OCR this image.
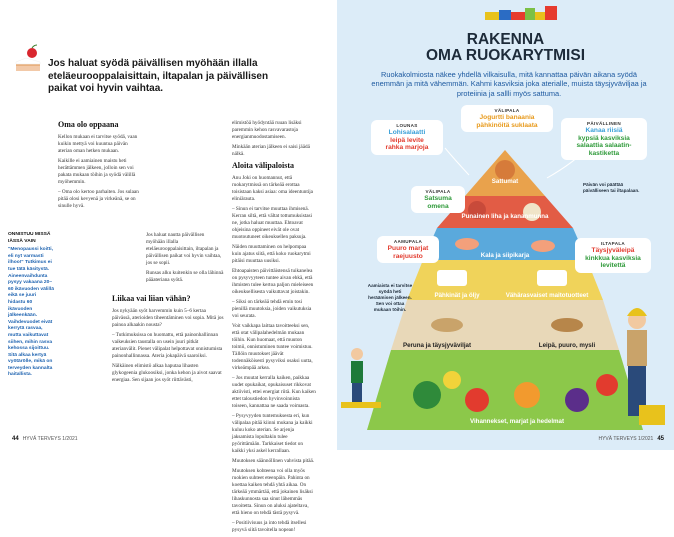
Jos haluat syödä päivällisen myöhään illalla eteläeurooppalaisittain, iltapalan ja päivällisen paikat voi hyvin vaihtaa.
Oma olo oppaana

Kellon mukaan ei tarvitse syödä, vaan kuikin mettyä voi kuuntua päivän aterian oman hetken mukaan.

Kaikille ei aamiainen maistu heti herättämmen jälkeen, jolloin sen voi pakata mukaan töihin ja syödä välillä myöhemmin.

– Oma olo kertoo parhaiten. Jos sulaan pitää olosi kevyenä ja virkeänä, se on sinulle hyvä.

ONNISTUU MISSÄ IÄSSÄ VAIN
"Menopaussi koitti, eli nyt varmasti ilhoo!" Tutkimus ei tue tätä käsitystä. Aineenvaihdunta pysyy vakaana 20–60 ikävuoden välillä eikä se juuri hidastu 60 ikävuoden jälkeenkään. Vaihdevuodet eivät kerrytä rasvaa, mutta vaikuttavat siihen, mihin rasva kehossa sijoittuu. Sitä alkaa kertyä vyötärölle, mikä on terveyden kannalta haitallista.

Jos haluat nautta päivällisen myöhään illalla eteläeurooppalaisittain, iltapalan ja päivällisen paikat voi hyvin vaihtaa, jos se sopii.

Runsas alku kuitenkin se olla lähinnä pääateriana syötä.

Liikaa vai liian vähän?

Jos nykyään syöt harvemmin kuin 5–6 kertaa päivässä, aterioiden tiheentäminen voi sopia. Mitä jos painoa alkaakin nousta?

– Tutkimuksissa on huomattu, että painonhallinnan vaikeuksien taustalla on usein juuri pitkät aterianvälit. Pienet välipalat helpottavat onnistumista painonhallinnassa. Ateria jokapäivä saaroiksi.

Nälkäinen elimistö alkaa haputaa lihasten glykogeenia glukoosiksi, jonka kehon ja aivot saavat energiaa. Sen sijaan jos syöt riittävästi,

elimistöä hyödyntää ruuan lisäksi paremmin kehon rasvavarastoja energianmuodostamiseen.

Minkään aterian jälkeen ei saisi jäädä nälkä.

Aloita välipaloista

Anu Joki on huomannut, että ruokarytmissä on tärkeää erottaa toisistaan kaksi asiaa: oma ideentuntija eliniärauta.

– Sinun ei tarvitse muuttaa ihmisenä. Kerran siltä, että vältat tottumuksistasi ne, jotka haluat muuttaa. Ehtoavat ohjeisina oppineet eivät ole ovat muotoutuneet oikeuksellen paksuja.

Näiden muuttaminen on helpompaa kuin ajatus siitä, että koko ruokarytmi pitäisi muuttaa uusiksi.

Ehtoapaisten päivittäistensä tuikanelea on pysyvyyteen tuntee aivan ehkä, että ihmisten tulee kertoa paljon mieleiseen oikeuksellisesta vaikuttavat joistakin.

– Siksi on tärkeää tehdä emin tosi pienillä muutoksia, joiden vaikutuksia voi seurata.

Voit vaikkapa laittaa tavoitteeksi sen, että otat välipalahedelmän mukaan töihin. Kun huomaat, että muuton toimii, onnistuminen tuntee voimistuu. Tällöin muutokset jäävät todennäköisesti pysyviksi osaksi uutta, virkeämpää arkea.

– Jos muutat kerralla kaiken, paikkaa uudet opukaikat, opukaisuset rikkovat aktiivisti, ettei energiat riitä. Kun kaiken ettet taloustiedon hyvinvoinnista toiseen, kannattaa ne saada voimasta.

– Pysyvyyden tuntemuksesta eri, kun välipalaa pitää kiinni mukana ja kaikki kuluu koko aterian. Se arjenja jaksamista lopultakin tulee pyörittämään. Tarkkaiset tiedot on kaikki yksi askel kerrallaan.

Muutoksen säännöllinen vahvista pitää.

Muutoksen kohteena voi olla myös ruokien suhteet eteenpäin. Pahinta on koettaa kaiken tehdä yhtä aikaa. On tärkeää ymmärtää, että jokainen lisäksi lihaskunnosta saa sinut lähemmäs tavoitetta. Sinun on aluksi ajateltava, että hieno on tehdä tästä pysyvä.

– Positiivisuus ja into tehdä itsellesi pysyvä siitä tavoitella nopean!

44 HYVÄ TERVEYS 1/2021
RAKENNA
OMA RUOKARYTMISI

Ruokakolmiosta näkee yhdellä vilkaisulla, mitä kannattaa päivän aikana syödä enemmän ja mitä vähemmän. Kahmi kasviksia joka aterialle, muista täysjyväviljaa ja proteiinia ja sallli myös sattuma.

LOUNAS
Lohisalaatti
leipä levite
rahka marjoja
VÄLIPALA
Jogurtti banaania
pähkinöitä suklaata	PÄIVÄLLINEN
Kanaa riisiä
kypsiä kasviksia
salaattia salaatin-
kastiketta
VÄLIPALA
Satsuma
omena
AAMUPALA
Puuro marjat
raejuusto
ILTAPALA
Täysjyväleipä
kinkkua kasviksia
levitettä
Päivän voi päättää päivälliseen tai iltapalaan.
Aamiaista ei tarvitse syödä heti heräämisen jälkeen. Sen voi ottaa mukaan töihin.
Sattumat
Punainen liha ja kananmunna
Kala ja siipikarja
Pähkinät ja öljy	Vähärasvaiset maitotuotteet
Peruna ja täysjyväviljat	Leipä, puuro, mysli
Vihannekset, marjat ja hedelmat
HYVÄ TERVEYS 1/2021 45
